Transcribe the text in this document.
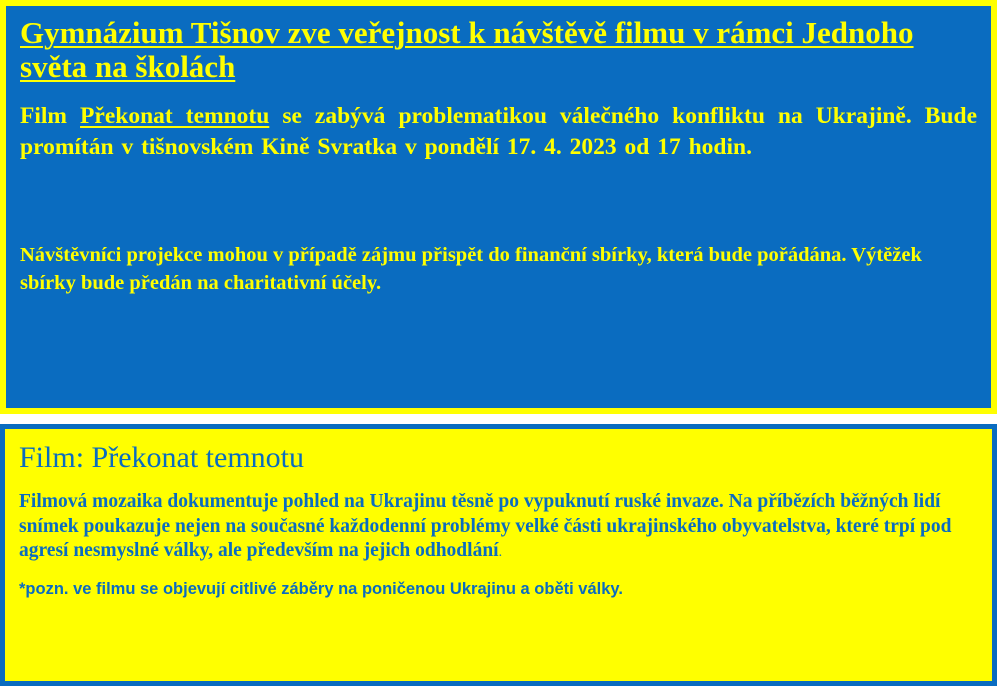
Gymnázium Tišnov zve veřejnost k návštěvě filmu v rámci Jednoho světa na školách

Film Překonat temnotu se zabývá problematikou válečného konfliktu na Ukrajině. Bude promítán v tišnovském Kině Svratka v pondělí 17. 4. 2023 od 17 hodin.

Návštěvníci projekce mohou v případě zájmu přispět do finanční sbírky, která bude pořádána. Výtěžek sbírky bude předán na charitativní účely.

Film: Překonat temnotu

Filmová mozaika dokumentuje pohled na Ukrajinu těsně po vypuknutí ruské invaze. Na příbězích běžných lidí snímek poukazuje nejen na současné každodenní problémy velké části ukrajinského obyvatelstva, které trpí pod agresí nesmyslné války, ale především na jejich odhodlání.

*pozn. ve filmu se objevují citlivé záběry na poničenou Ukrajinu a oběti války.
